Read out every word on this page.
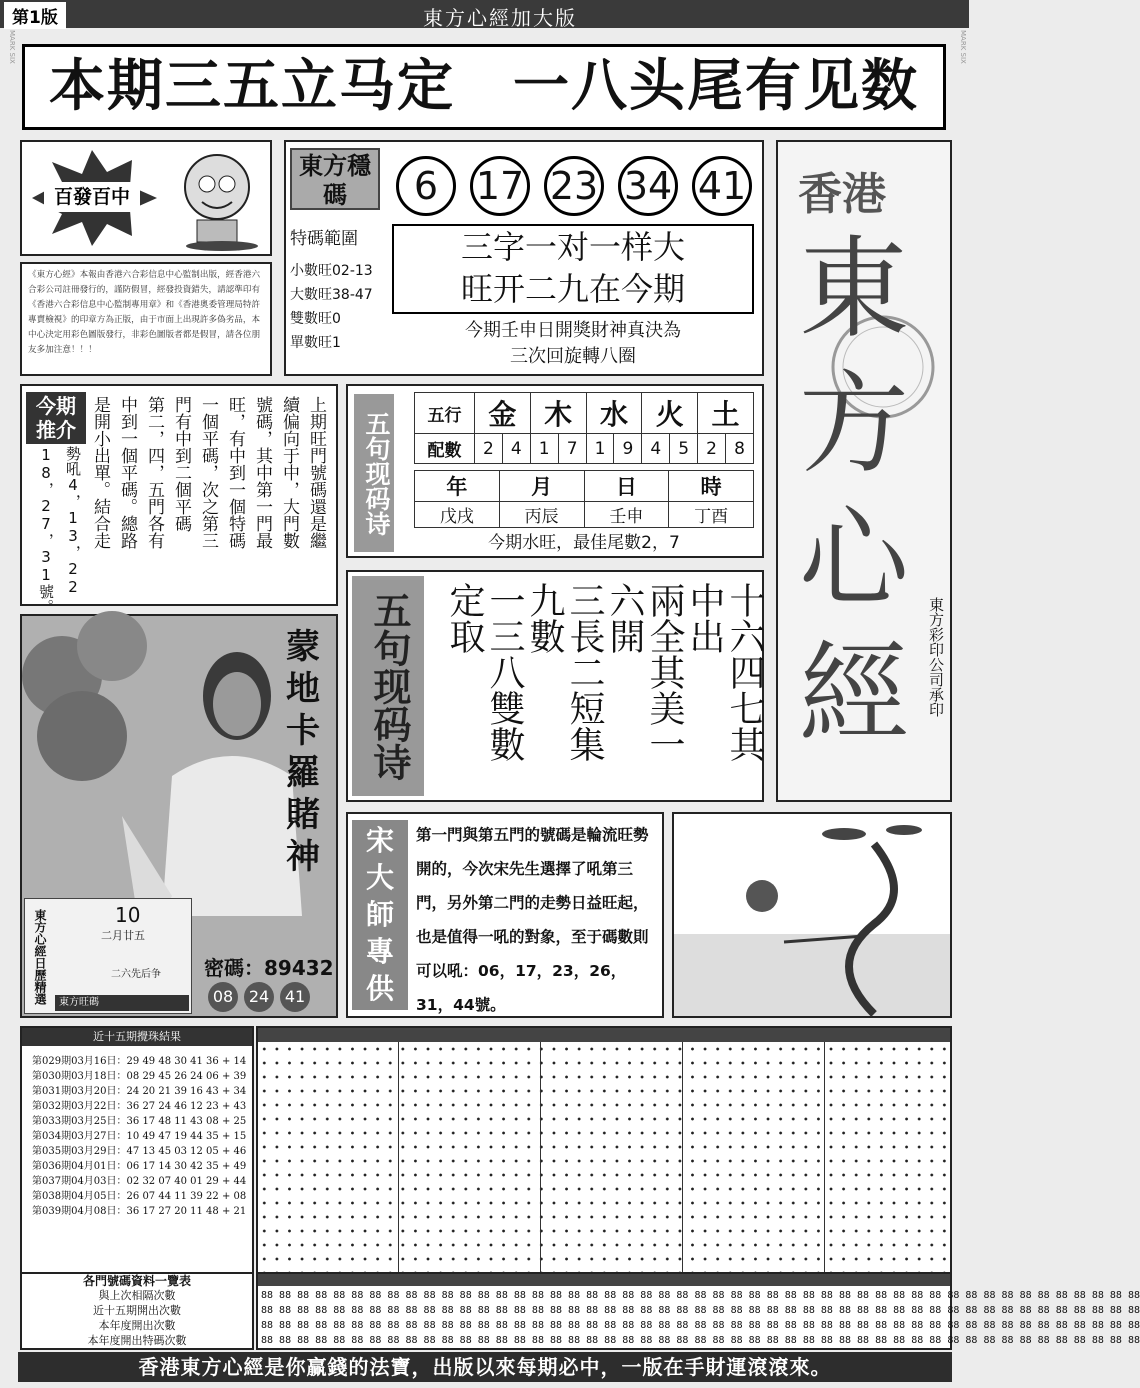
MARK SIX	MARK SIX
第1版	東方心經加大版
本期三五立马定　一八头尾有见数
百發百中
《東方心經》本報由香港六合彩信息中心監制出版，經香港六合彩公司註冊發行的，謹防假冒，經發投資錯失，請認準印有《香港六合彩信息中心監制專用章》和《香港奧委管理局特許專賣檢視》的印章方為正版，由于市面上出現許多偽劣品，本中心決定用彩色圖版發行，非彩色圖版者都是假冒，請各位朋友多加注意！！！
東方穩碼	6 17 23 34 41
特碼範圍
小數旺02-13
大數旺38-47
雙數旺0
單數旺1
三字一对一样大
旺开二九在今期
今期壬申日開獎財神真決為
三次回旋轉八圈
香港
東
方
心
經	東方彩印公司承印
今期
推介	上期旺門號碼還是繼
續偏向于中，大門數
號碼，其中第一門最
旺，有中到一個特碼
一個平碼，次之第三
門有中到二個平碼
第二，四，五門各有
中到一個平碼。總路
是開小出單。結合走
勢吼4，13，22
18，27，31號。	五句现码诗 五行	金		木		水		火		土	
配數	2	4	1	7	1	9	4	5	2	8
年	月	日	時
戊戌	丙辰	壬申	丁酉
今期水旺，最佳尾數2，7
五句现码诗	十六四七其中出
兩全其美一六開
三長二短集九數
一三八雙數定取
蒙
地
卡
羅
賭
神
密碼：89432
08 24 41
東方心經日歷精選	10
二月廿五
二六先后争
東方旺碼
宋
大
師
專
供
第一門與第五門的號碼是輪流旺勢開的，今次宋先生選擇了吼第三門，另外第二門的走勢日益旺起，也是值得一吼的對象，至于碼數則可以吼：06，17，23，26，31，44號。
近十五期攪珠結果
第029期03月16日：29 49 48 30 41 36 + 14
第030期03月18日：08 29 45 26 24 06 + 39
第031期03月20日：24 20 21 39 16 43 + 34
第032期03月22日：36 27 24 46 12 23 + 43
第033期03月25日：36 17 48 11 43 08 + 25
第034期03月27日：10 49 47 19 44 35 + 15
第035期03月29日：47 13 45 03 12 05 + 46
第036期04月01日：06 17 14 30 42 35 + 49
第037期04月03日：02 32 07 40 01 29 + 44
第038期04月05日：26 07 44 11 39 22 + 08
第039期04月08日：36 17 27 20 11 48 + 21
各門號碼資料一覽表
與上次相隔次數
近十五期開出次數
本年度開出次數
本年度開出特碼次數
88 88 88 88 88 88 88 88 88 88 88 88 88 88 88 88 88 88 88 88 88 88 88 88 88 88 88 88 88 88 88 88 88 88 88 88 88 88 88 88 88 88 88 88 88 88 88 88 88
88 88 88 88 88 88 88 88 88 88 88 88 88 88 88 88 88 88 88 88 88 88 88 88 88 88 88 88 88 88 88 88 88 88 88 88 88 88 88 88 88 88 88 88 88 88 88 88 88
88 88 88 88 88 88 88 88 88 88 88 88 88 88 88 88 88 88 88 88 88 88 88 88 88 88 88 88 88 88 88 88 88 88 88 88 88 88 88 88 88 88 88 88 88 88 88 88 88
88 88 88 88 88 88 88 88 88 88 88 88 88 88 88 88 88 88 88 88 88 88 88 88 88 88 88 88 88 88 88 88 88 88 88 88 88 88 88 88 88 88 88 88 88 88 88 88 88
香港東方心經是你赢錢的法寶，出版以來每期必中，一版在手財運滾滾來。
